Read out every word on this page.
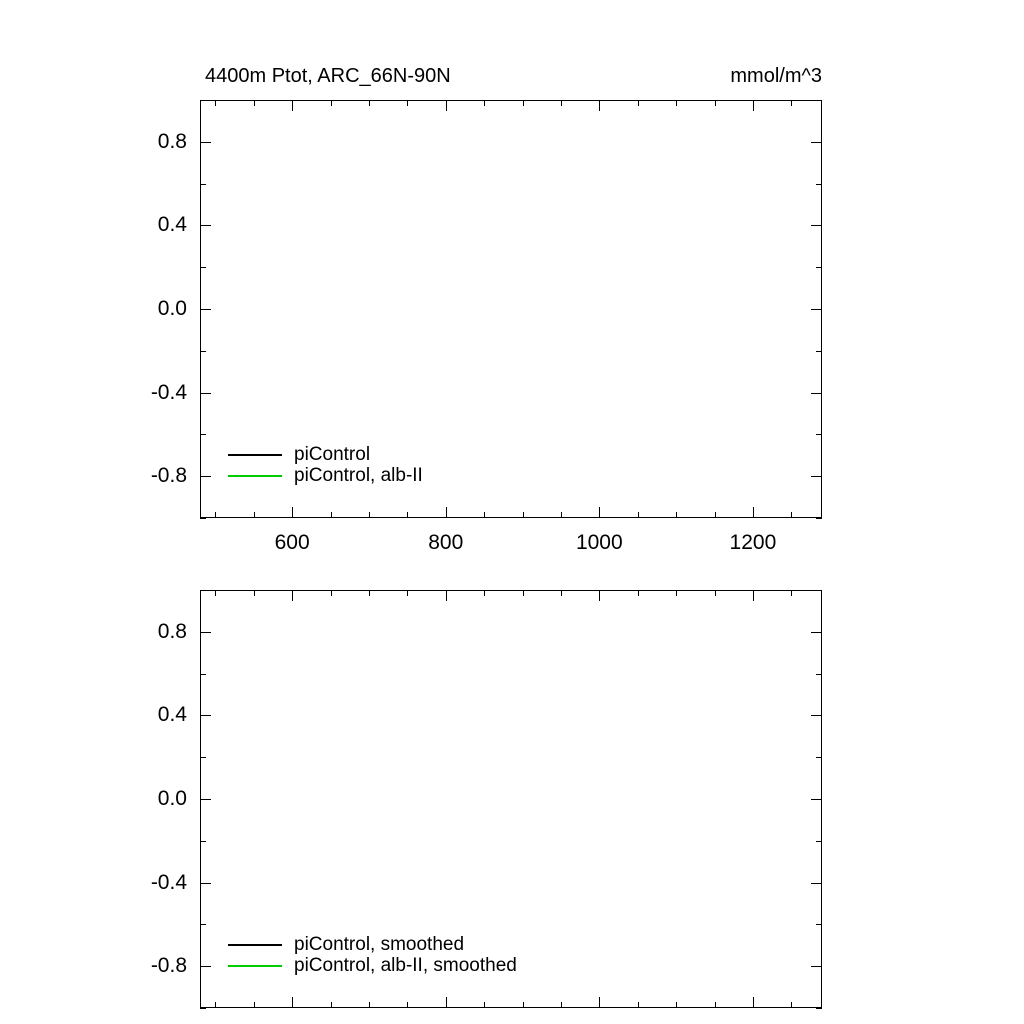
4400m Ptot, ARC_66N-90N	mmol/m^3
0.8
0.4
0.0
-0.4
-0.8
600	800	1000	1200
piControl
piControl, alb-II
0.8
0.4
0.0
-0.4
-0.8
piControl, smoothed
piControl, alb-II, smoothed
